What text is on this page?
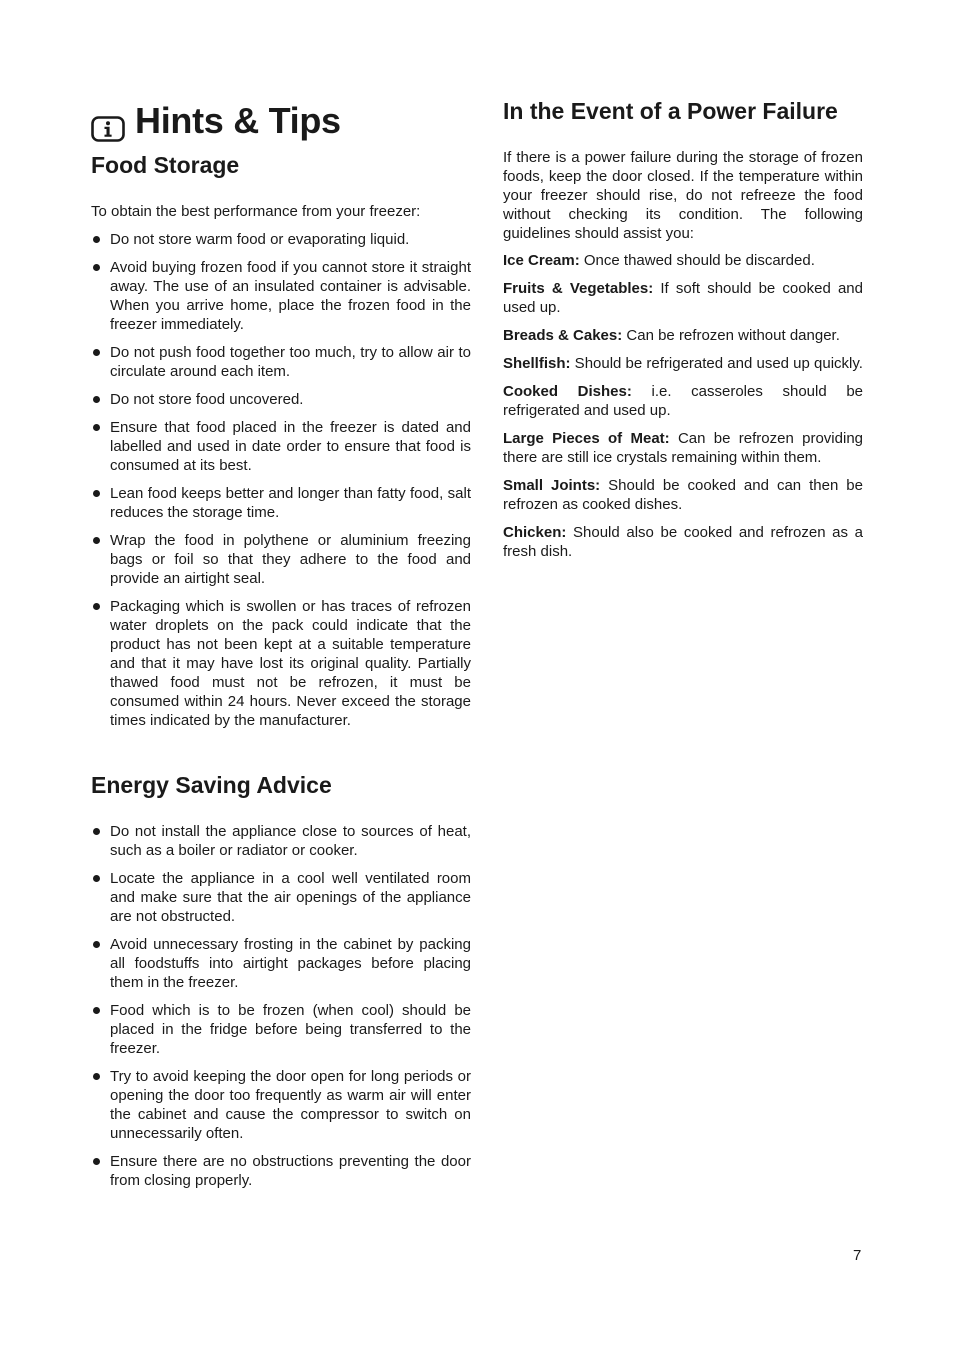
Hints & Tips
Food Storage

To obtain the best performance from your freezer:

Do not store warm food or evaporating liquid.
Avoid buying frozen food if you cannot store it straight away. The use of an insulated container is advisable. When you arrive home, place the frozen food in the freezer immediately.
Do not push food together too much, try to allow air to circulate around each item.
Do not store food uncovered.
Ensure that food placed in the freezer is dated and labelled and used in date order to ensure that food is consumed at its best.
Lean food keeps better and longer than fatty food, salt reduces the storage time.
Wrap the food in polythene or aluminium freezing bags or foil so that they adhere to the food and provide an airtight seal.
Packaging which is swollen or has traces of refrozen water droplets on the pack could indicate that the product has not been kept at a suitable temperature and that it may have lost its original quality. Partially thawed food must not be refrozen, it must be consumed within 24 hours. Never exceed the storage times indicated by the manufacturer.
Energy Saving Advice
Do not install the appliance close to sources of heat, such as a boiler or radiator or cooker.
Locate the appliance in a cool well ventilated room and make sure that the air openings of the appliance are not obstructed.
Avoid unnecessary frosting in the cabinet by packing all foodstuffs into airtight packages before placing them in the freezer.
Food which is to be frozen (when cool) should be placed in the fridge before being transferred to the freezer.
Try to avoid keeping the door open for long periods or opening the door too frequently as warm air will enter the cabinet and cause the compressor to switch on unnecessarily often.
Ensure there are no obstructions preventing the door from closing properly.
In the Event of a Power Failure

If there is a power failure during the storage of frozen foods, keep the door closed. If the temperature within your freezer should rise, do not refreeze the food without checking its condition. The following guidelines should assist you:

Ice Cream: Once thawed should be discarded.
Fruits & Vegetables: If soft should be cooked and used up.
Breads & Cakes: Can be refrozen without danger.
Shellfish: Should be refrigerated and used up quickly.
Cooked Dishes: i.e. casseroles should be refrigerated and used up.
Large Pieces of Meat: Can be refrozen providing there are still ice crystals remaining within them.
Small Joints: Should be cooked and can then be refrozen as cooked dishes.
Chicken: Should also be cooked and refrozen as a fresh dish.
7
